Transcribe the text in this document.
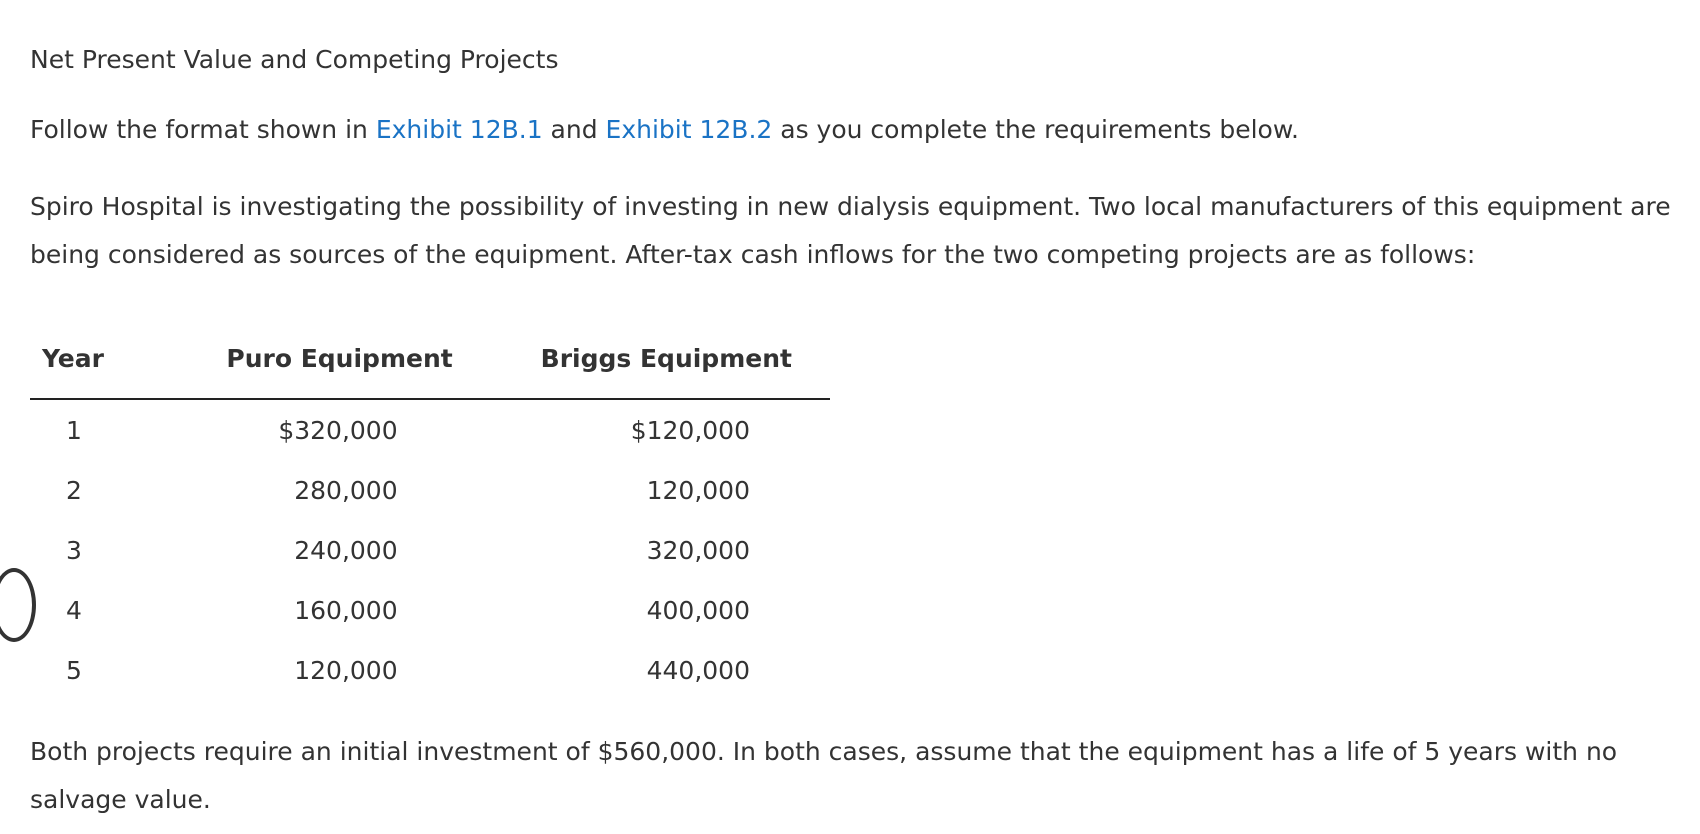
Net Present Value and Competing Projects
Follow the format shown in Exhibit 12B.1 and Exhibit 12B.2 as you complete the requirements below.
Spiro Hospital is investigating the possibility of investing in new dialysis equipment. Two local manufacturers of this equipment are being considered as sources of the equipment. After-tax cash inflows for the two competing projects are as follows:
Year	Puro Equipment	Briggs Equipment
1	$320,000	$120,000
2	280,000	120,000
3	240,000	320,000
4	160,000	400,000
5	120,000	440,000
Both projects require an initial investment of $560,000. In both cases, assume that the equipment has a life of 5 years with no salvage value.
